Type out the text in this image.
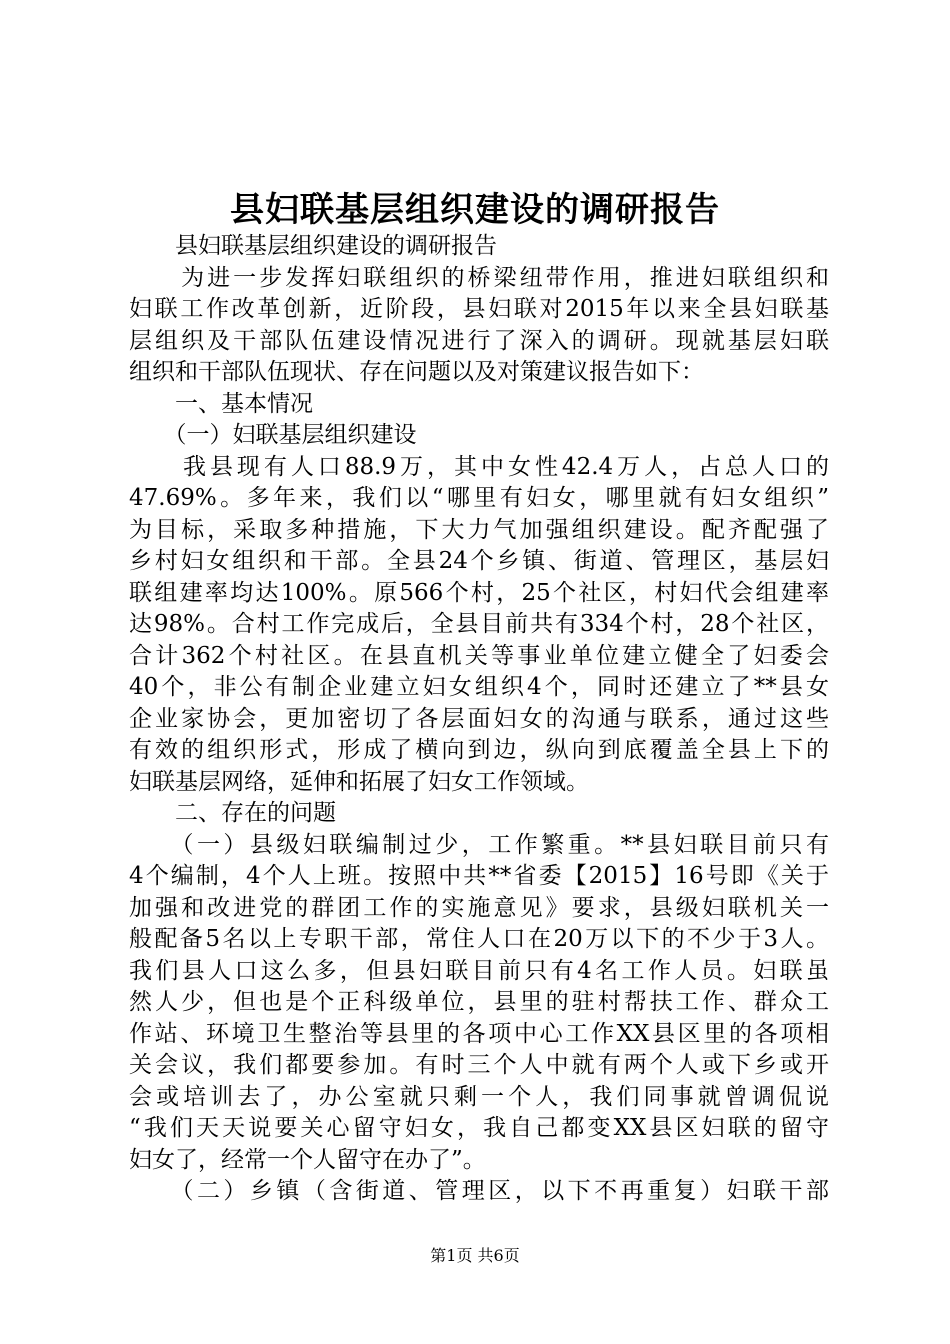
县妇联基层组织建设的调研报告
　　县妇联基层组织建设的调研报告
　　为进一步发挥妇联组织的桥梁纽带作用，推进妇联组织和
妇联工作改革创新，近阶段，县妇联对2015年以来全县妇联基
层组织及干部队伍建设情况进行了深入的调研。现就基层妇联
组织和干部队伍现状、存在问题以及对策建议报告如下：
　　一、基本情况
　　（一）妇联基层组织建设
　　我县现有人口88.9万，其中女性42.4万人，占总人口的
47.69%。多年来，我们以“哪里有妇女，哪里就有妇女组织”
为目标，采取多种措施，下大力气加强组织建设。配齐配强了
乡村妇女组织和干部。全县24个乡镇、街道、管理区，基层妇
联组建率均达100%。原566个村，25个社区，村妇代会组建率
达98%。合村工作完成后，全县目前共有334个村，28个社区，
合计362个村社区。在县直机关等事业单位建立健全了妇委会
40个，非公有制企业建立妇女组织4个，同时还建立了**县女
企业家协会，更加密切了各层面妇女的沟通与联系，通过这些
有效的组织形式，形成了横向到边，纵向到底覆盖全县上下的
妇联基层网络，延伸和拓展了妇女工作领域。
　　二、存在的问题
　　（一）县级妇联编制过少，工作繁重。**县妇联目前只有
4个编制，4个人上班。按照中共**省委【2015】16号即《关于
加强和改进党的群团工作的实施意见》要求，县级妇联机关一
般配备5名以上专职干部，常住人口在20万以下的不少于3人。
我们县人口这么多，但县妇联目前只有4名工作人员。妇联虽
然人少，但也是个正科级单位，县里的驻村帮扶工作、群众工
作站、环境卫生整治等县里的各项中心工作XX县区里的各项相
关会议，我们都要参加。有时三个人中就有两个人或下乡或开
会或培训去了，办公室就只剩一个人，我们同事就曾调侃说
“我们天天说要关心留守妇女，我自己都变XX县区妇联的留守
妇女了，经常一个人留守在办了”。
　　（二）乡镇（含街道、管理区，以下不再重复）妇联干部
第1页 共6页
